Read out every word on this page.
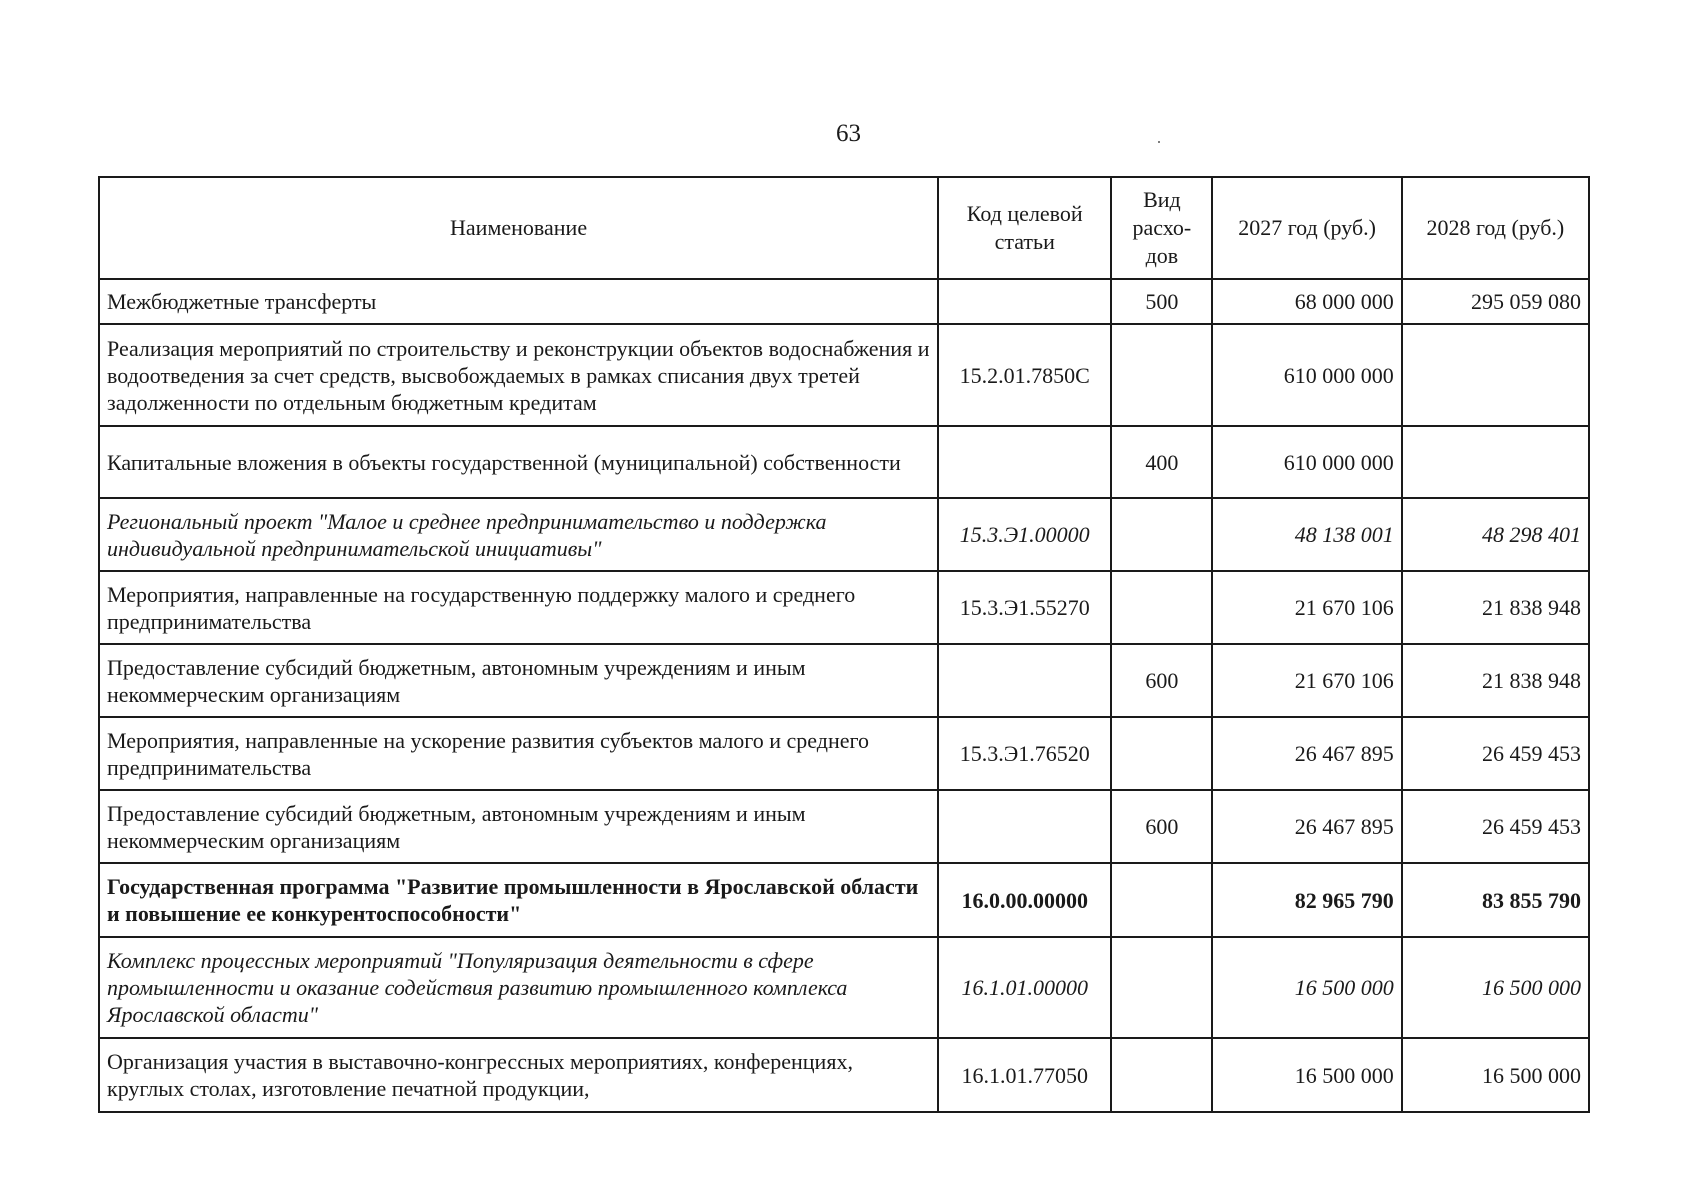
63
Наименование	Код целевой статьи	Вид расхо-дов	2027 год (руб.)	2028 год (руб.)
Межбюджетные трансферты		500	68 000 000	295 059 080
Реализация мероприятий по строительству и реконструкции объектов водоснабжения и водоотведения за счет средств, высвобождаемых в рамках списания двух третей задолженности по отдельным бюджетным кредитам	15.2.01.7850С		610 000 000	
Капитальные вложения в объекты государственной (муниципальной) собственности		400	610 000 000	
Региональный проект "Малое и среднее предпринимательство и поддержка индивидуальной предпринимательской инициативы"	15.3.Э1.00000		48 138 001	48 298 401
Мероприятия, направленные на государственную поддержку малого и среднего предпринимательства	15.3.Э1.55270		21 670 106	21 838 948
Предоставление субсидий бюджетным, автономным учреждениям и иным некоммерческим организациям		600	21 670 106	21 838 948
Мероприятия, направленные на ускорение развития субъектов малого и среднего предпринимательства	15.3.Э1.76520		26 467 895	26 459 453
Предоставление субсидий бюджетным, автономным учреждениям и иным некоммерческим организациям		600	26 467 895	26 459 453
Государственная программа "Развитие промышленности в Ярославской области и повышение ее конкурентоспособности"	16.0.00.00000		82 965 790	83 855 790
Комплекс процессных мероприятий "Популяризация деятельности в сфере промышленности и оказание содействия развитию промышленного комплекса Ярославской области"	16.1.01.00000		16 500 000	16 500 000
Организация участия в выставочно-конгрессных мероприятиях, конференциях, круглых столах, изготовление печатной продукции,	16.1.01.77050		16 500 000	16 500 000
